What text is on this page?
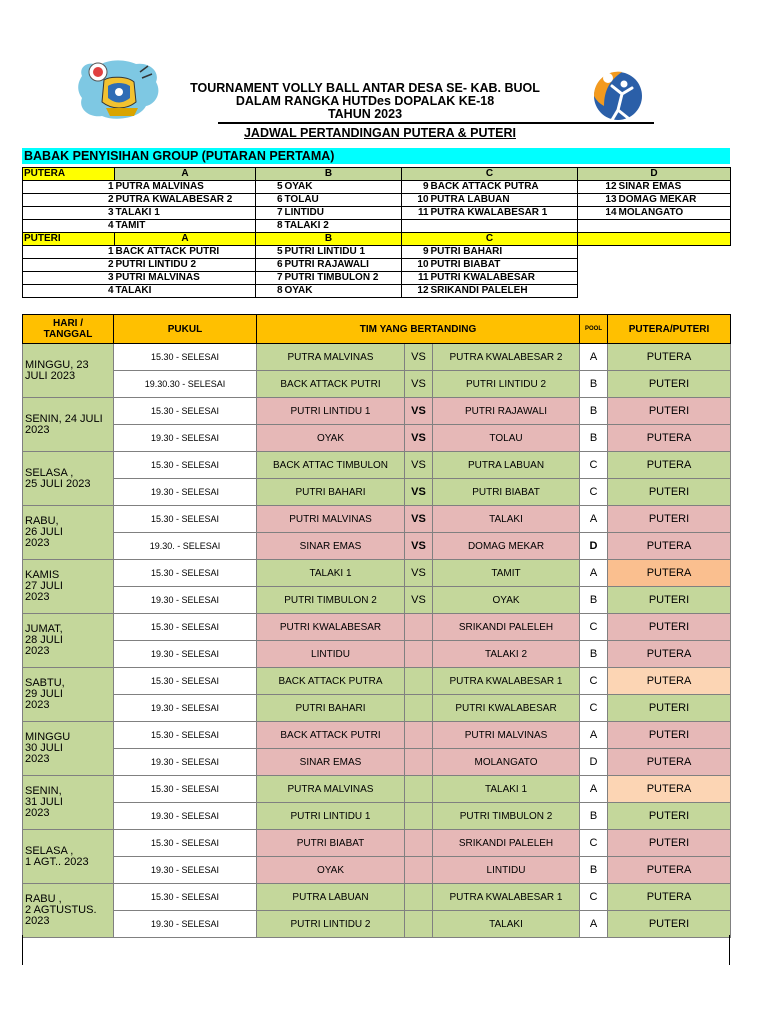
TOURNAMENT VOLLY BALL ANTAR DESA SE- KAB. BUOL
DALAM RANGKA HUTDes DOPALAK KE-18
TAHUN 2023
JADWAL PERTANDINGAN PUTERA & PUTERI
BABAK PENYISIHAN GROUP (PUTARAN PERTAMA)
PUTERA	A	B		C		D	
1	PUTRA MALVINAS	5	OYAK	9	BACK ATTACK PUTRA	12	SINAR EMAS
2	PUTRA KWALABESAR 2	6	TOLAU	10	PUTRA LABUAN	13	DOMAG MEKAR
3	TALAKI 1	7	LINTIDU	11	PUTRA KWALABESAR 1	14	MOLANGATO
4	TAMIT	8	TALAKI 2				
PUTERI	A	B		C			
1	BACK ATTACK PUTRI	5	PUTRI LINTIDU 1	9	PUTRI BAHARI		
2	PUTRI LINTIDU 2	6	PUTRI RAJAWALI	10	PUTRI BIABAT		
3	PUTRI MALVINAS	7	PUTRI TIMBULON 2	11	PUTRI KWALABESAR		
4	TALAKI	8	OYAK	12	SRIKANDI PALELEH		
HARI /
TANGGAL	PUKUL	TIM YANG BERTANDING			POOL	PUTERA/PUTERI

MINGGU, 23
JULI 2023	15.30 - SELESAI	PUTRA MALVINAS	VS	PUTRA KWALABESAR 2	A	PUTERA
	19.30.30 - SELESAI	BACK ATTACK PUTRI	VS	PUTRI LINTIDU 2	B	PUTERI

SENIN, 24 JULI
2023	15.30 - SELESAI	PUTRI LINTIDU 1	VS	PUTRI RAJAWALI	B	PUTERI
	19.30 - SELESAI	OYAK	VS	TOLAU	B	PUTERA

SELASA ,
25 JULI 2023	15.30 - SELESAI	BACK ATTAC TIMBULON	VS	PUTRA LABUAN	C	PUTERA
	19.30 - SELESAI	PUTRI BAHARI	VS	PUTRI BIABAT	C	PUTERI

RABU,
26 JULI
2023	15.30 - SELESAI	PUTRI MALVINAS	VS	TALAKI	A	PUTERI
	19.30. - SELESAI	SINAR EMAS	VS	DOMAG MEKAR	D	PUTERA

KAMIS
27 JULI
2023	15.30 - SELESAI	TALAKI 1	VS	TAMIT	A	PUTERA
	19.30 - SELESAI	PUTRI TIMBULON 2	VS	OYAK	B	PUTERI

JUMAT,
28 JULI
2023	15.30 - SELESAI	PUTRI KWALABESAR		SRIKANDI PALELEH	C	PUTERI
	19.30 - SELESAI	LINTIDU		TALAKI 2	B	PUTERA

SABTU,
29 JULI
2023	15.30 - SELESAI	BACK ATTACK PUTRA		PUTRA KWALABESAR 1	C	PUTERA
	19.30 - SELESAI	PUTRI BAHARI		PUTRI KWALABESAR	C	PUTERI

MINGGU
30 JULI
2023	15.30 - SELESAI	BACK ATTACK PUTRI		PUTRI MALVINAS	A	PUTERI
	19.30 - SELESAI	SINAR EMAS		MOLANGATO	D	PUTERA

SENIN,
31 JULI
2023	15.30 - SELESAI	PUTRA MALVINAS		TALAKI 1	A	PUTERA
	19.30 - SELESAI	PUTRI LINTIDU 1		PUTRI TIMBULON 2	B	PUTERI

SELASA ,
1 AGT.. 2023	15.30 - SELESAI	PUTRI BIABAT		SRIKANDI PALELEH	C	PUTERI
	19.30 - SELESAI	OYAK		LINTIDU	B	PUTERA

RABU ,
2 AGTUSTUS.
2023	15.30 - SELESAI	PUTRA LABUAN		PUTRA KWALABESAR 1	C	PUTERA
	19.30 - SELESAI	PUTRI LINTIDU 2		TALAKI	A	PUTERI
